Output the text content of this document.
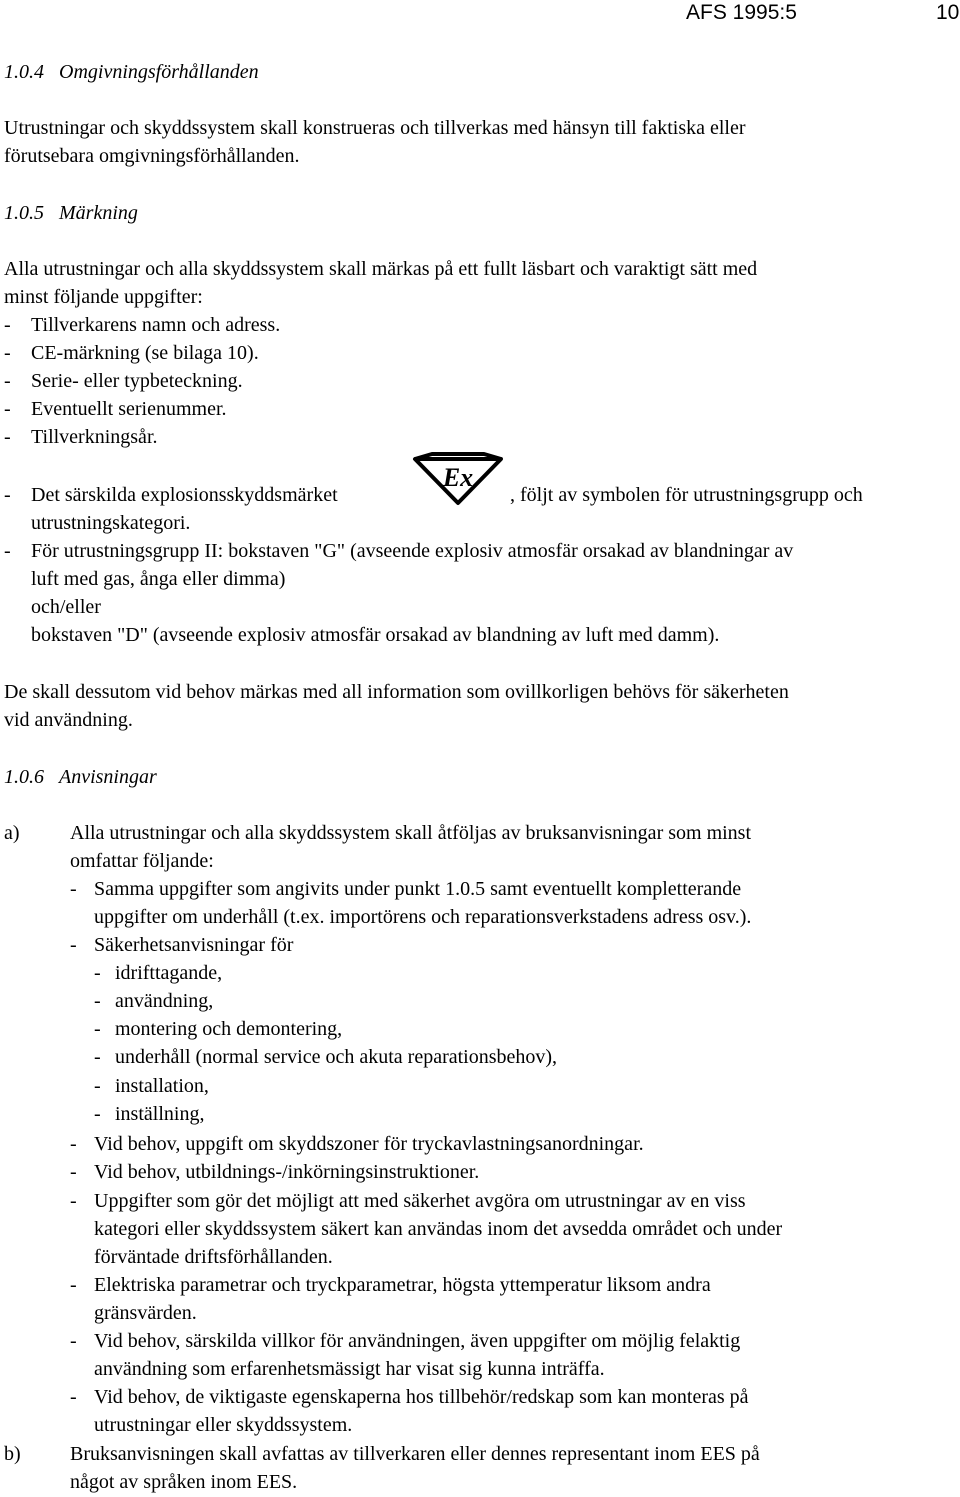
AFS 1995:5	10
1.0.4 Omgivningsförhållanden
Utrustningar och skyddssystem skall konstrueras och tillverkas med hänsyn till faktiska eller
förutsebara omgivningsförhållanden.
1.0.5 Märkning
Alla utrustningar och alla skyddssystem skall märkas på ett fullt läsbart och varaktigt sätt med
minst följande uppgifter:
- Tillverkarens namn och adress.
- CE-märkning (se bilaga 10).
- Serie- eller typbeteckning.
- Eventuellt serienummer.
- Tillverkningsår.
- Det särskilda explosionsskyddsmärket
Ex
, följt av symbolen för utrustningsgrupp och
utrustningskategori.
- För utrustningsgrupp II: bokstaven "G" (avseende explosiv atmosfär orsakad av blandningar av
luft med gas, ånga eller dimma)
och/eller
bokstaven "D" (avseende explosiv atmosfär orsakad av blandning av luft med damm).
De skall dessutom vid behov märkas med all information som ovillkorligen behövs för säkerheten
vid användning.
1.0.6 Anvisningar
a)	Alla utrustningar och alla skyddssystem skall åtföljas av bruksanvisningar som minst
omfattar följande:
- Samma uppgifter som angivits under punkt 1.0.5 samt eventuellt kompletterande
uppgifter om underhåll (t.ex. importörens och reparationsverkstadens adress osv.).
- Säkerhetsanvisningar för
- idrifttagande,
- användning,
- montering och demontering,
- underhåll (normal service och akuta reparationsbehov),
- installation,
- inställning,
- Vid behov, uppgift om skyddszoner för tryckavlastningsanordningar.
- Vid behov, utbildnings-/inkörningsinstruktioner.
- Uppgifter som gör det möjligt att med säkerhet avgöra om utrustningar av en viss
kategori eller skyddssystem säkert kan användas inom det avsedda området och under
förväntade driftsförhållanden.
- Elektriska parametrar och tryckparametrar, högsta yttemperatur liksom andra
gränsvärden.
- Vid behov, särskilda villkor för användningen, även uppgifter om möjlig felaktig
användning som erfarenhetsmässigt har visat sig kunna inträffa.
- Vid behov, de viktigaste egenskaperna hos tillbehör/redskap som kan monteras på
utrustningar eller skyddssystem.
b) Bruksanvisningen skall avfattas av tillverkaren eller dennes representant inom EES på
något av språken inom EES.
